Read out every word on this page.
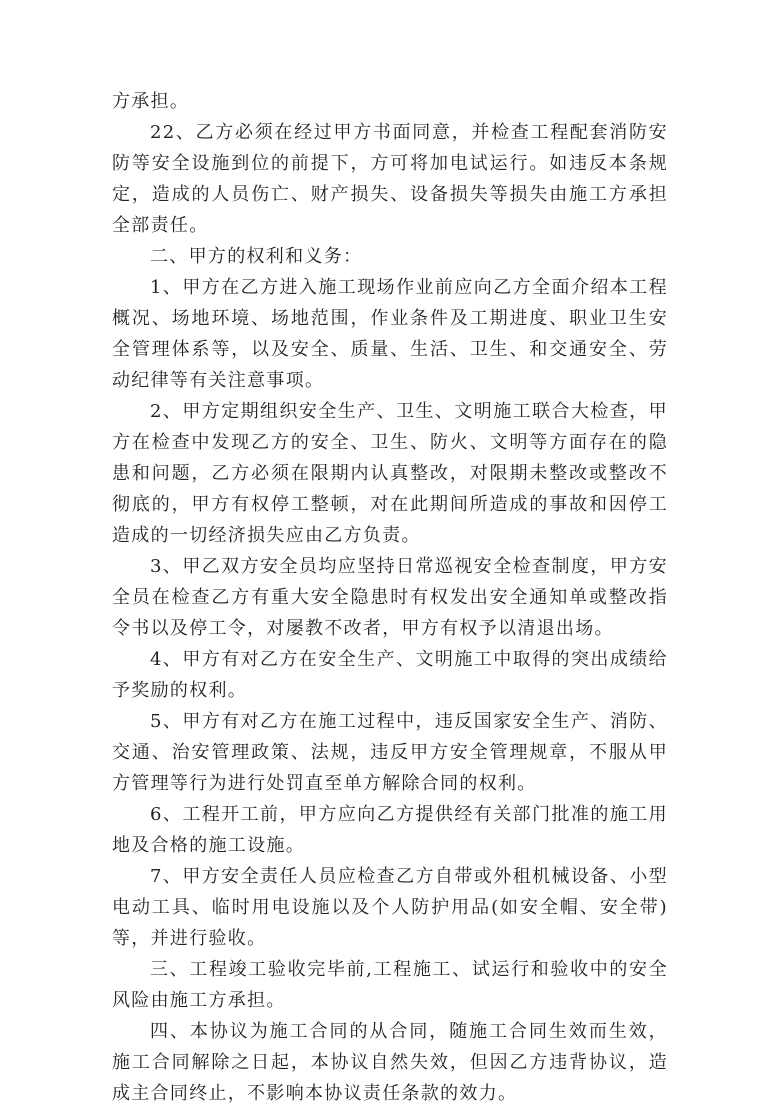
方承担。

22、乙方必须在经过甲方书面同意，并检查工程配套消防安防等安全设施到位的前提下，方可将加电试运行。如违反本条规定，造成的人员伤亡、财产损失、设备损失等损失由施工方承担全部责任。

二、甲方的权利和义务：

1、甲方在乙方进入施工现场作业前应向乙方全面介绍本工程概况、场地环境、场地范围，作业条件及工期进度、职业卫生安全管理体系等，以及安全、质量、生活、卫生、和交通安全、劳动纪律等有关注意事项。

2、甲方定期组织安全生产、卫生、文明施工联合大检查，甲方在检查中发现乙方的安全、卫生、防火、文明等方面存在的隐患和问题，乙方必须在限期内认真整改，对限期未整改或整改不彻底的，甲方有权停工整顿，对在此期间所造成的事故和因停工造成的一切经济损失应由乙方负责。

3、甲乙双方安全员均应坚持日常巡视安全检查制度，甲方安全员在检查乙方有重大安全隐患时有权发出安全通知单或整改指令书以及停工令，对屡教不改者，甲方有权予以清退出场。

4、甲方有对乙方在安全生产、文明施工中取得的突出成绩给予奖励的权利。

5、甲方有对乙方在施工过程中，违反国家安全生产、消防、交通、治安管理政策、法规，违反甲方安全管理规章，不服从甲方管理等行为进行处罚直至单方解除合同的权利。

6、工程开工前，甲方应向乙方提供经有关部门批准的施工用地及合格的施工设施。

7、甲方安全责任人员应检查乙方自带或外租机械设备、小型电动工具、临时用电设施以及个人防护用品(如安全帽、安全带)等，并进行验收。

三、工程竣工验收完毕前,工程施工、试运行和验收中的安全风险由施工方承担。

四、本协议为施工合同的从合同，随施工合同生效而生效，施工合同解除之日起，本协议自然失效，但因乙方违背协议，造成主合同终止，不影响本协议责任条款的效力。
